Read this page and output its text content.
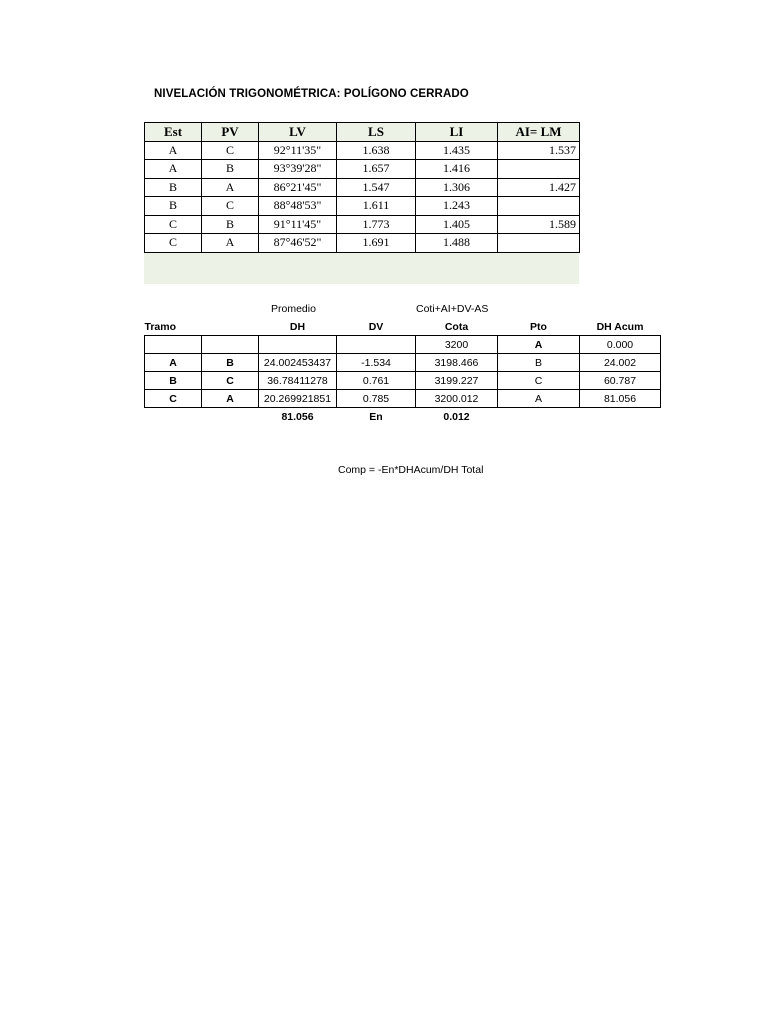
NIVELACIÓN TRIGONOMÉTRICA: POLÍGONO CERRADO
Est	PV	LV	LS	LI	AI= LM
A	C	92°11'35"	1.638	1.435	1.537
A	B	93°39'28"	1.657	1.416	
B	A	86°21'45"	1.547	1.306	1.427
B	C	88°48'53"	1.611	1.243	
C	B	91°11'45"	1.773	1.405	1.589
C	A	87°46'52"	1.691	1.488	
Promedio	Coti+AI+DV-AS
Tramo		DH	DV	Cota	Pto	DH Acum
				3200	A	0.000
A	B	24.002453437	-1.534	3198.466	B	24.002
B	C	36.78411278	0.761	3199.227	C	60.787
C	A	20.269921851	0.785	3200.012	A	81.056
		81.056	En	0.012		
Comp = -En*DHAcum/DH Total
